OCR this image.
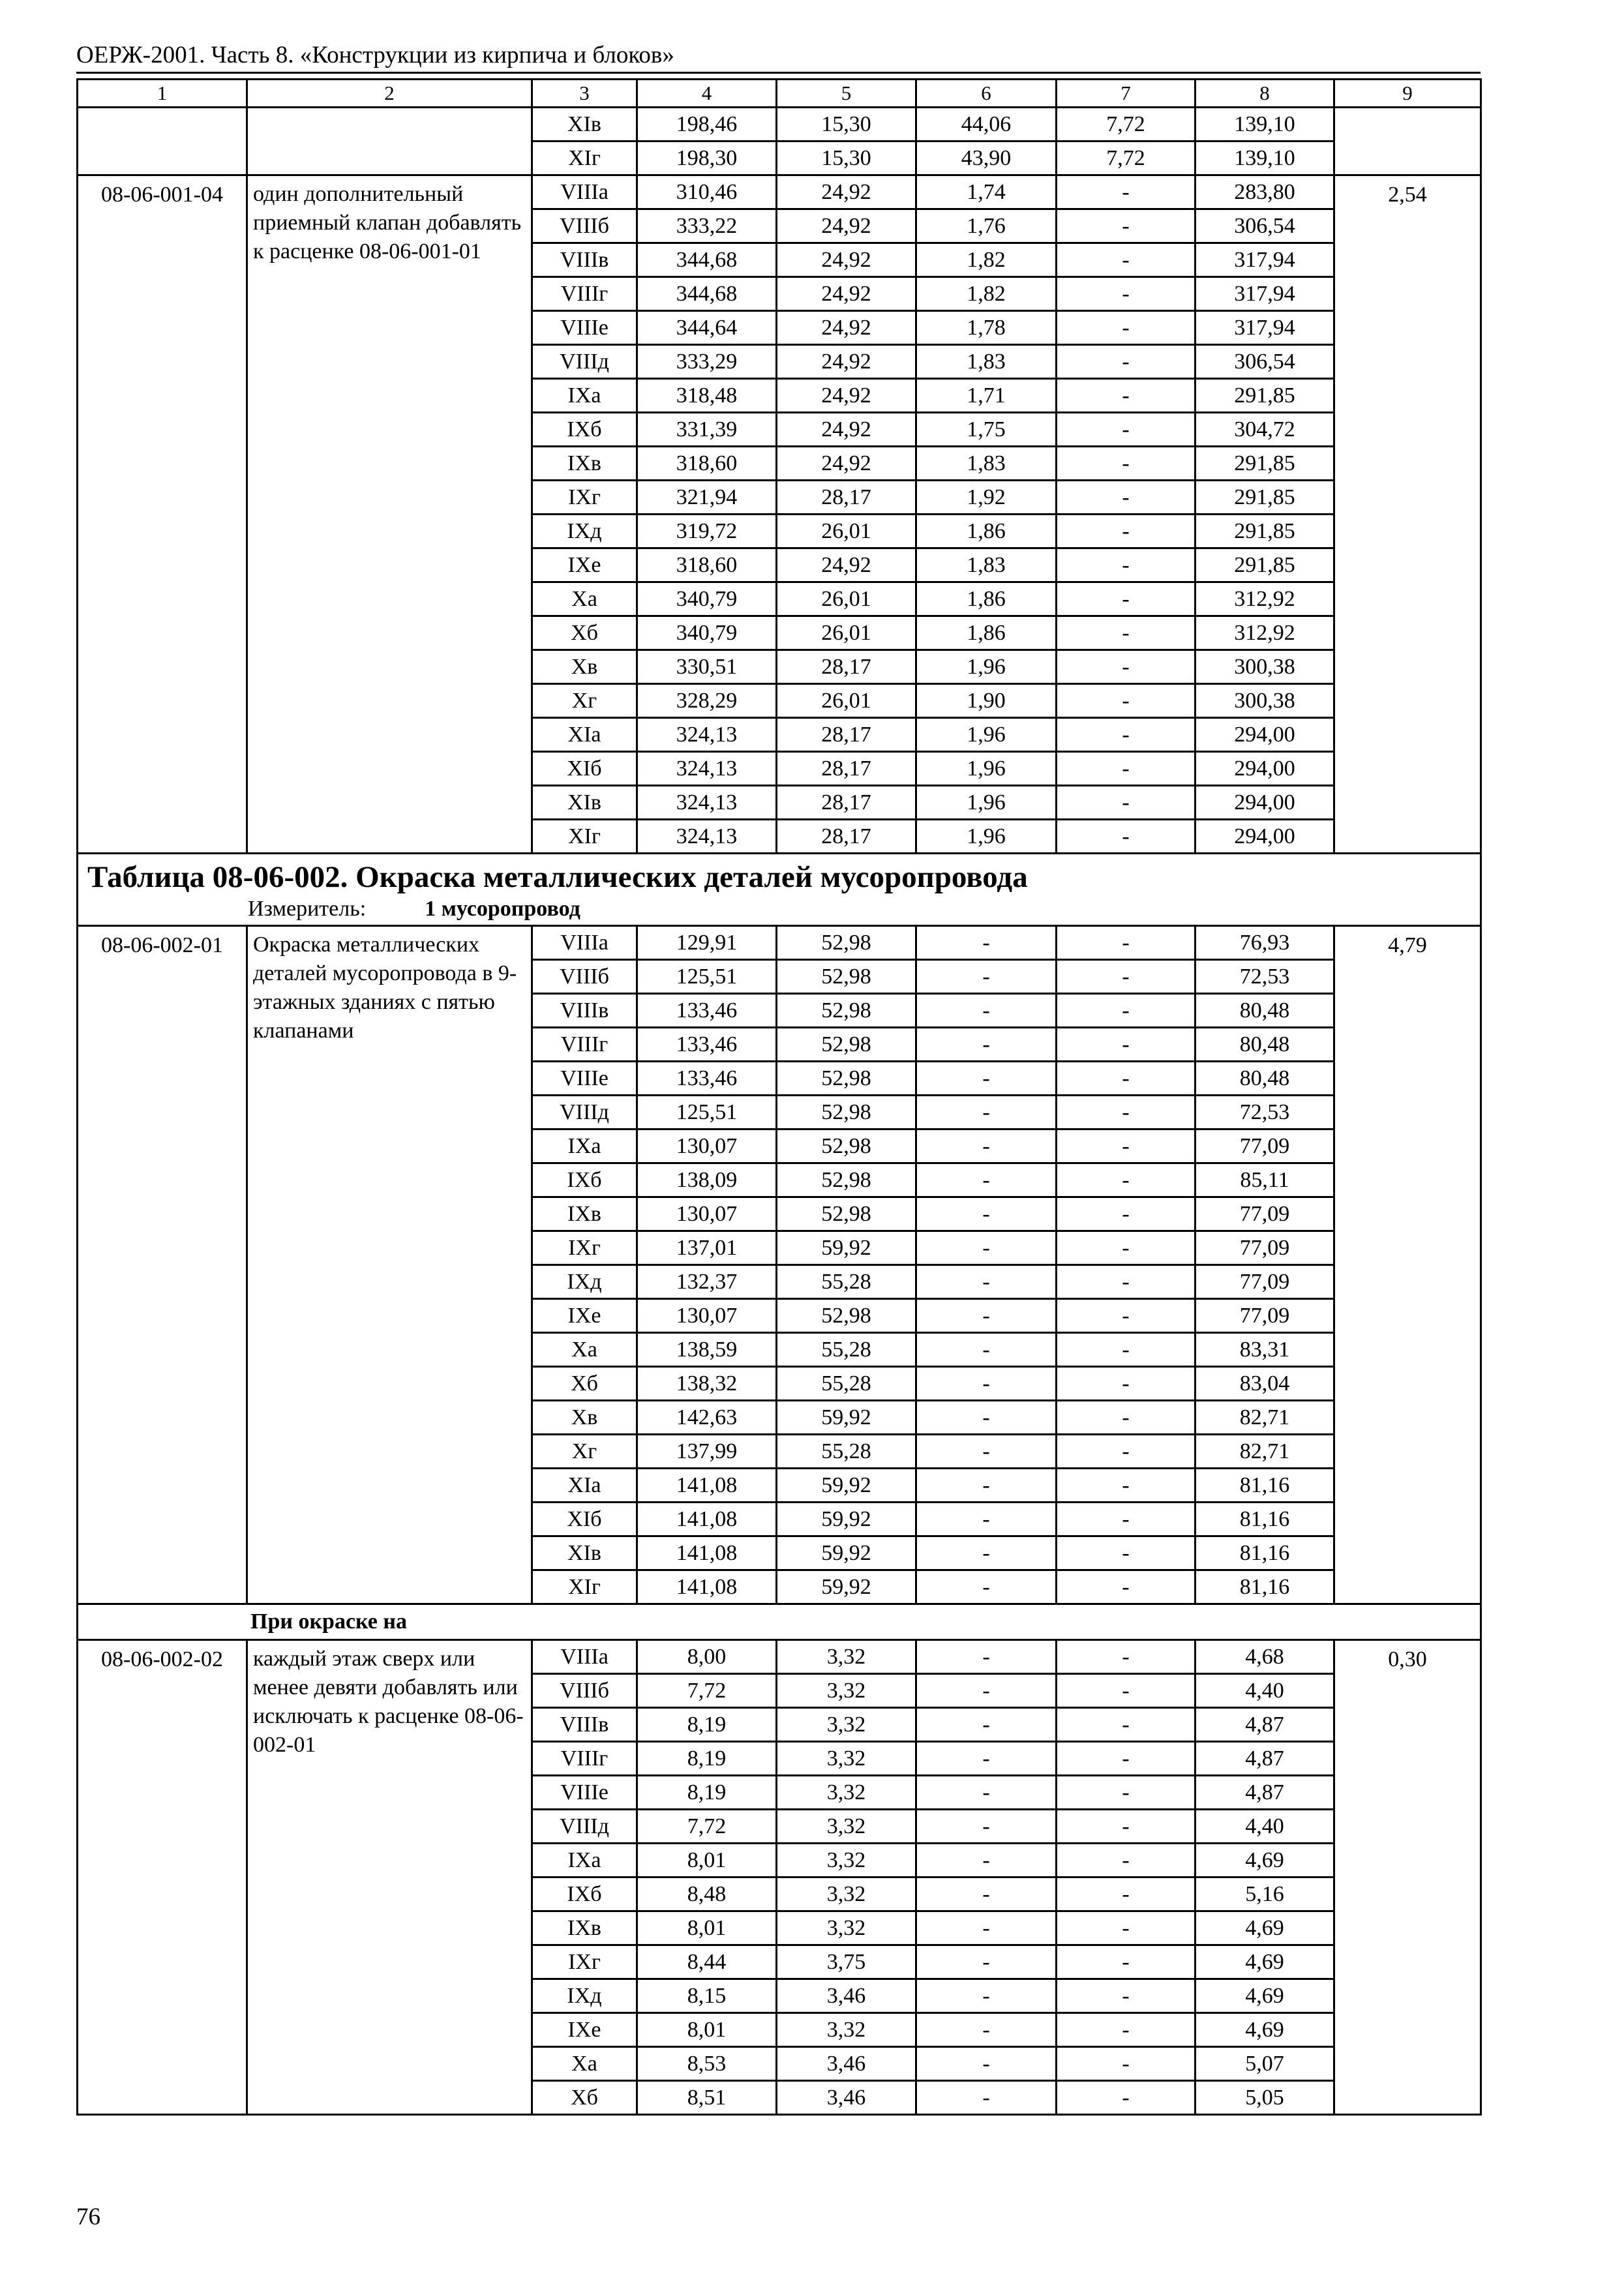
ОЕРЖ-2001. Часть 8. «Конструкции из кирпича и блоков»
1	2	3	4	5	6	7	8	9
		XIв	198,46	15,30	44,06	7,72	139,10	
		XIг	198,30	15,30	43,90	7,72	139,10	
08-06-001-04	один дополнительный приемный клапан добавлять к расценке 08-06-001-01	VIIIа	310,46	24,92	1,74	-	283,80	2,54
		VIIIб	333,22	24,92	1,76	-	306,54	
		VIIIв	344,68	24,92	1,82	-	317,94	
		VIIIг	344,68	24,92	1,82	-	317,94	
		VIIIе	344,64	24,92	1,78	-	317,94	
		VIIIд	333,29	24,92	1,83	-	306,54	
		IXа	318,48	24,92	1,71	-	291,85	
		IXб	331,39	24,92	1,75	-	304,72	
		IXв	318,60	24,92	1,83	-	291,85	
		IXг	321,94	28,17	1,92	-	291,85	
		IXд	319,72	26,01	1,86	-	291,85	
		IXе	318,60	24,92	1,83	-	291,85	
		Xа	340,79	26,01	1,86	-	312,92	
		Xб	340,79	26,01	1,86	-	312,92	
		Xв	330,51	28,17	1,96	-	300,38	
		Xг	328,29	26,01	1,90	-	300,38	
		XIа	324,13	28,17	1,96	-	294,00	
		XIб	324,13	28,17	1,96	-	294,00	
		XIв	324,13	28,17	1,96	-	294,00	
		XIг	324,13	28,17	1,96	-	294,00	

Таблица 08-06-002. Окраска металлических деталей мусоропровода
Измеритель: 1 мусоропровод								

08-06-002-01	Окраска металлических деталей мусоропровода в 9-этажных зданиях с пятью клапанами	VIIIа	129,91	52,98	-	-	76,93	4,79
		VIIIб	125,51	52,98	-	-	72,53	
		VIIIв	133,46	52,98	-	-	80,48	
		VIIIг	133,46	52,98	-	-	80,48	
		VIIIе	133,46	52,98	-	-	80,48	
		VIIIд	125,51	52,98	-	-	72,53	
		IXа	130,07	52,98	-	-	77,09	
		IXб	138,09	52,98	-	-	85,11	
		IXв	130,07	52,98	-	-	77,09	
		IXг	137,01	59,92	-	-	77,09	
		IXд	132,37	55,28	-	-	77,09	
		IXе	130,07	52,98	-	-	77,09	
		Xа	138,59	55,28	-	-	83,31	
		Xб	138,32	55,28	-	-	83,04	
		Xв	142,63	59,92	-	-	82,71	
		Xг	137,99	55,28	-	-	82,71	
		XIа	141,08	59,92	-	-	81,16	
		XIб	141,08	59,92	-	-	81,16	
		XIв	141,08	59,92	-	-	81,16	
		XIг	141,08	59,92	-	-	81,16	
При окраске на								
08-06-002-02	каждый этаж сверх или менее девяти добавлять или исключать к расценке 08-06-002-01	VIIIа	8,00	3,32	-	-	4,68	0,30
		VIIIб	7,72	3,32	-	-	4,40	
		VIIIв	8,19	3,32	-	-	4,87	
		VIIIг	8,19	3,32	-	-	4,87	
		VIIIе	8,19	3,32	-	-	4,87	
		VIIIд	7,72	3,32	-	-	4,40	
		IXа	8,01	3,32	-	-	4,69	
		IXб	8,48	3,32	-	-	5,16	
		IXв	8,01	3,32	-	-	4,69	
		IXг	8,44	3,75	-	-	4,69	
		IXд	8,15	3,46	-	-	4,69	
		IXе	8,01	3,32	-	-	4,69	
		Xа	8,53	3,46	-	-	5,07	
		Xб	8,51	3,46	-	-	5,05	
76
